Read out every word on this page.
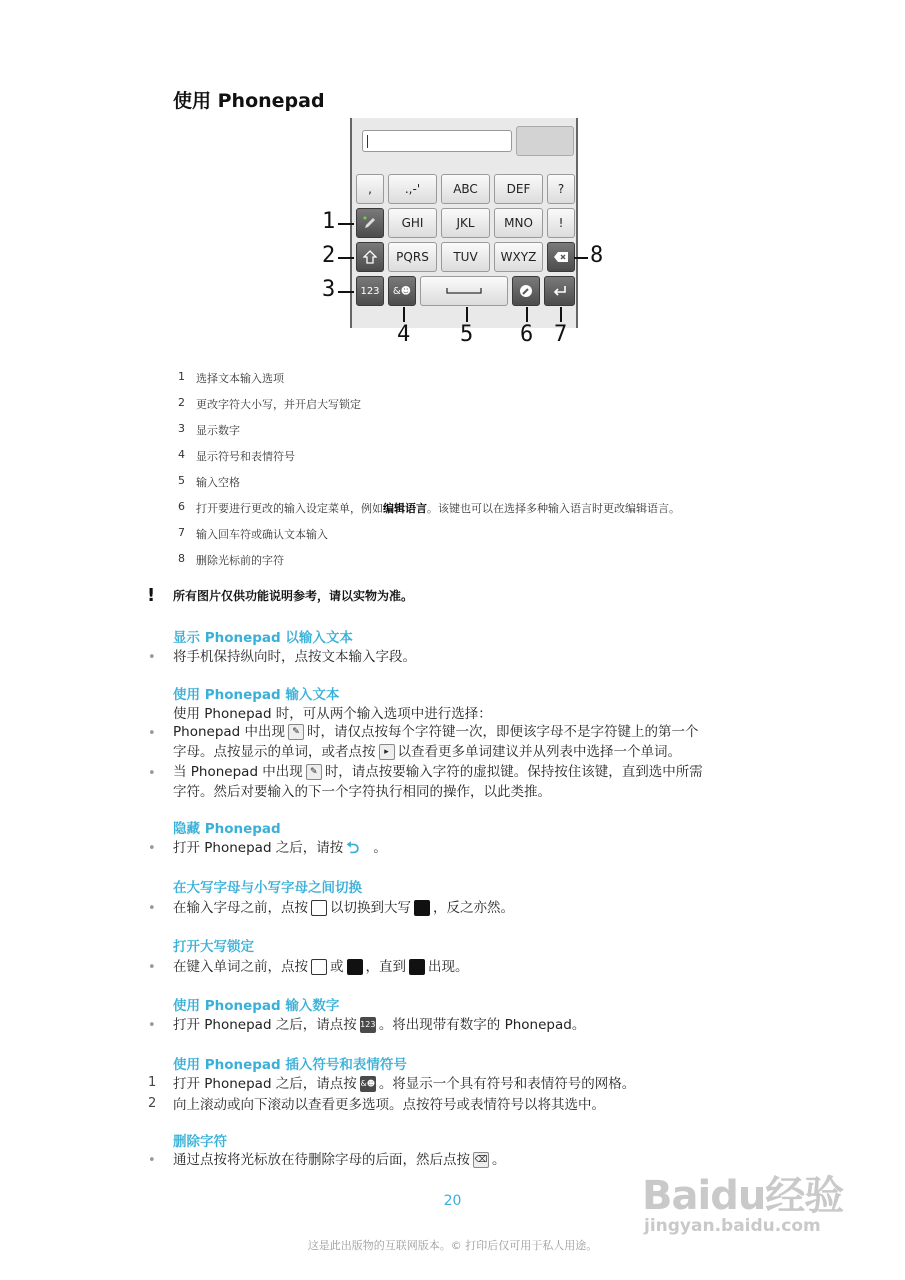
使用 Phonepad
,	.,-'	ABC	DEF	?
GHI	JKL	MNO	!
PQRS	TUV	WXYZ
123	&☻
1
2
3
8
4 5 6 7
1	选择文本输入选项
2	更改字符大小写，并开启大写锁定
3	显示数字
4	显示符号和表情符号
5	输入空格
6	打开要进行更改的输入设定菜单，例如 编辑语言 。该键也可以在选择多种输入语言时更改编辑语言。
7	输入回车符或确认文本输入
8	删除光标前的字符
!	所有图片仅供功能说明参考，请以实物为准。
显示 Phonepad 以输入文本
• 将手机保持纵向时，点按文本输入字段。
使用 Phonepad 输入文本
使用 Phonepad 时，可从两个输入选项中进行选择：
• Phonepad 中出现 ✎ 时，请仅点按每个字符键一次，即便该字母不是字符键上的第一个
字母。点按显示的单词，或者点按 ▸ 以查看更多单词建议并从列表中选择一个单词。
• 当 Phonepad 中出现 ✎ 时，请点按要输入字符的虚拟键。保持按住该键，直到选中所需
字符。然后对要输入的下一个字符执行相同的操作，以此类推。
隐藏 Phonepad
• 打开 Phonepad 之后，请按 ⮌ 。
在大写字母与小写字母之间切换
• 在输入字母之前，点按 以切换到大写 ，反之亦然。
打开大写锁定
• 在键入单词之前，点按 或 ，直到 出现。
使用 Phonepad 输入数字
• 打开 Phonepad 之后，请点按 123 。将出现带有数字的 Phonepad。
使用 Phonepad 插入符号和表情符号
1 打开 Phonepad 之后，请点按 &☻ 。将显示一个具有符号和表情符号的网格。
2 向上滚动或向下滚动以查看更多选项。点按符号或表情符号以将其选中。
删除字符
• 通过点按将光标放在待删除字母的后面，然后点按 ⌫ 。
20
这是此出版物的互联网版本。© 打印后仅可用于私人用途。
Baidu经验
jingyan.baidu.com
